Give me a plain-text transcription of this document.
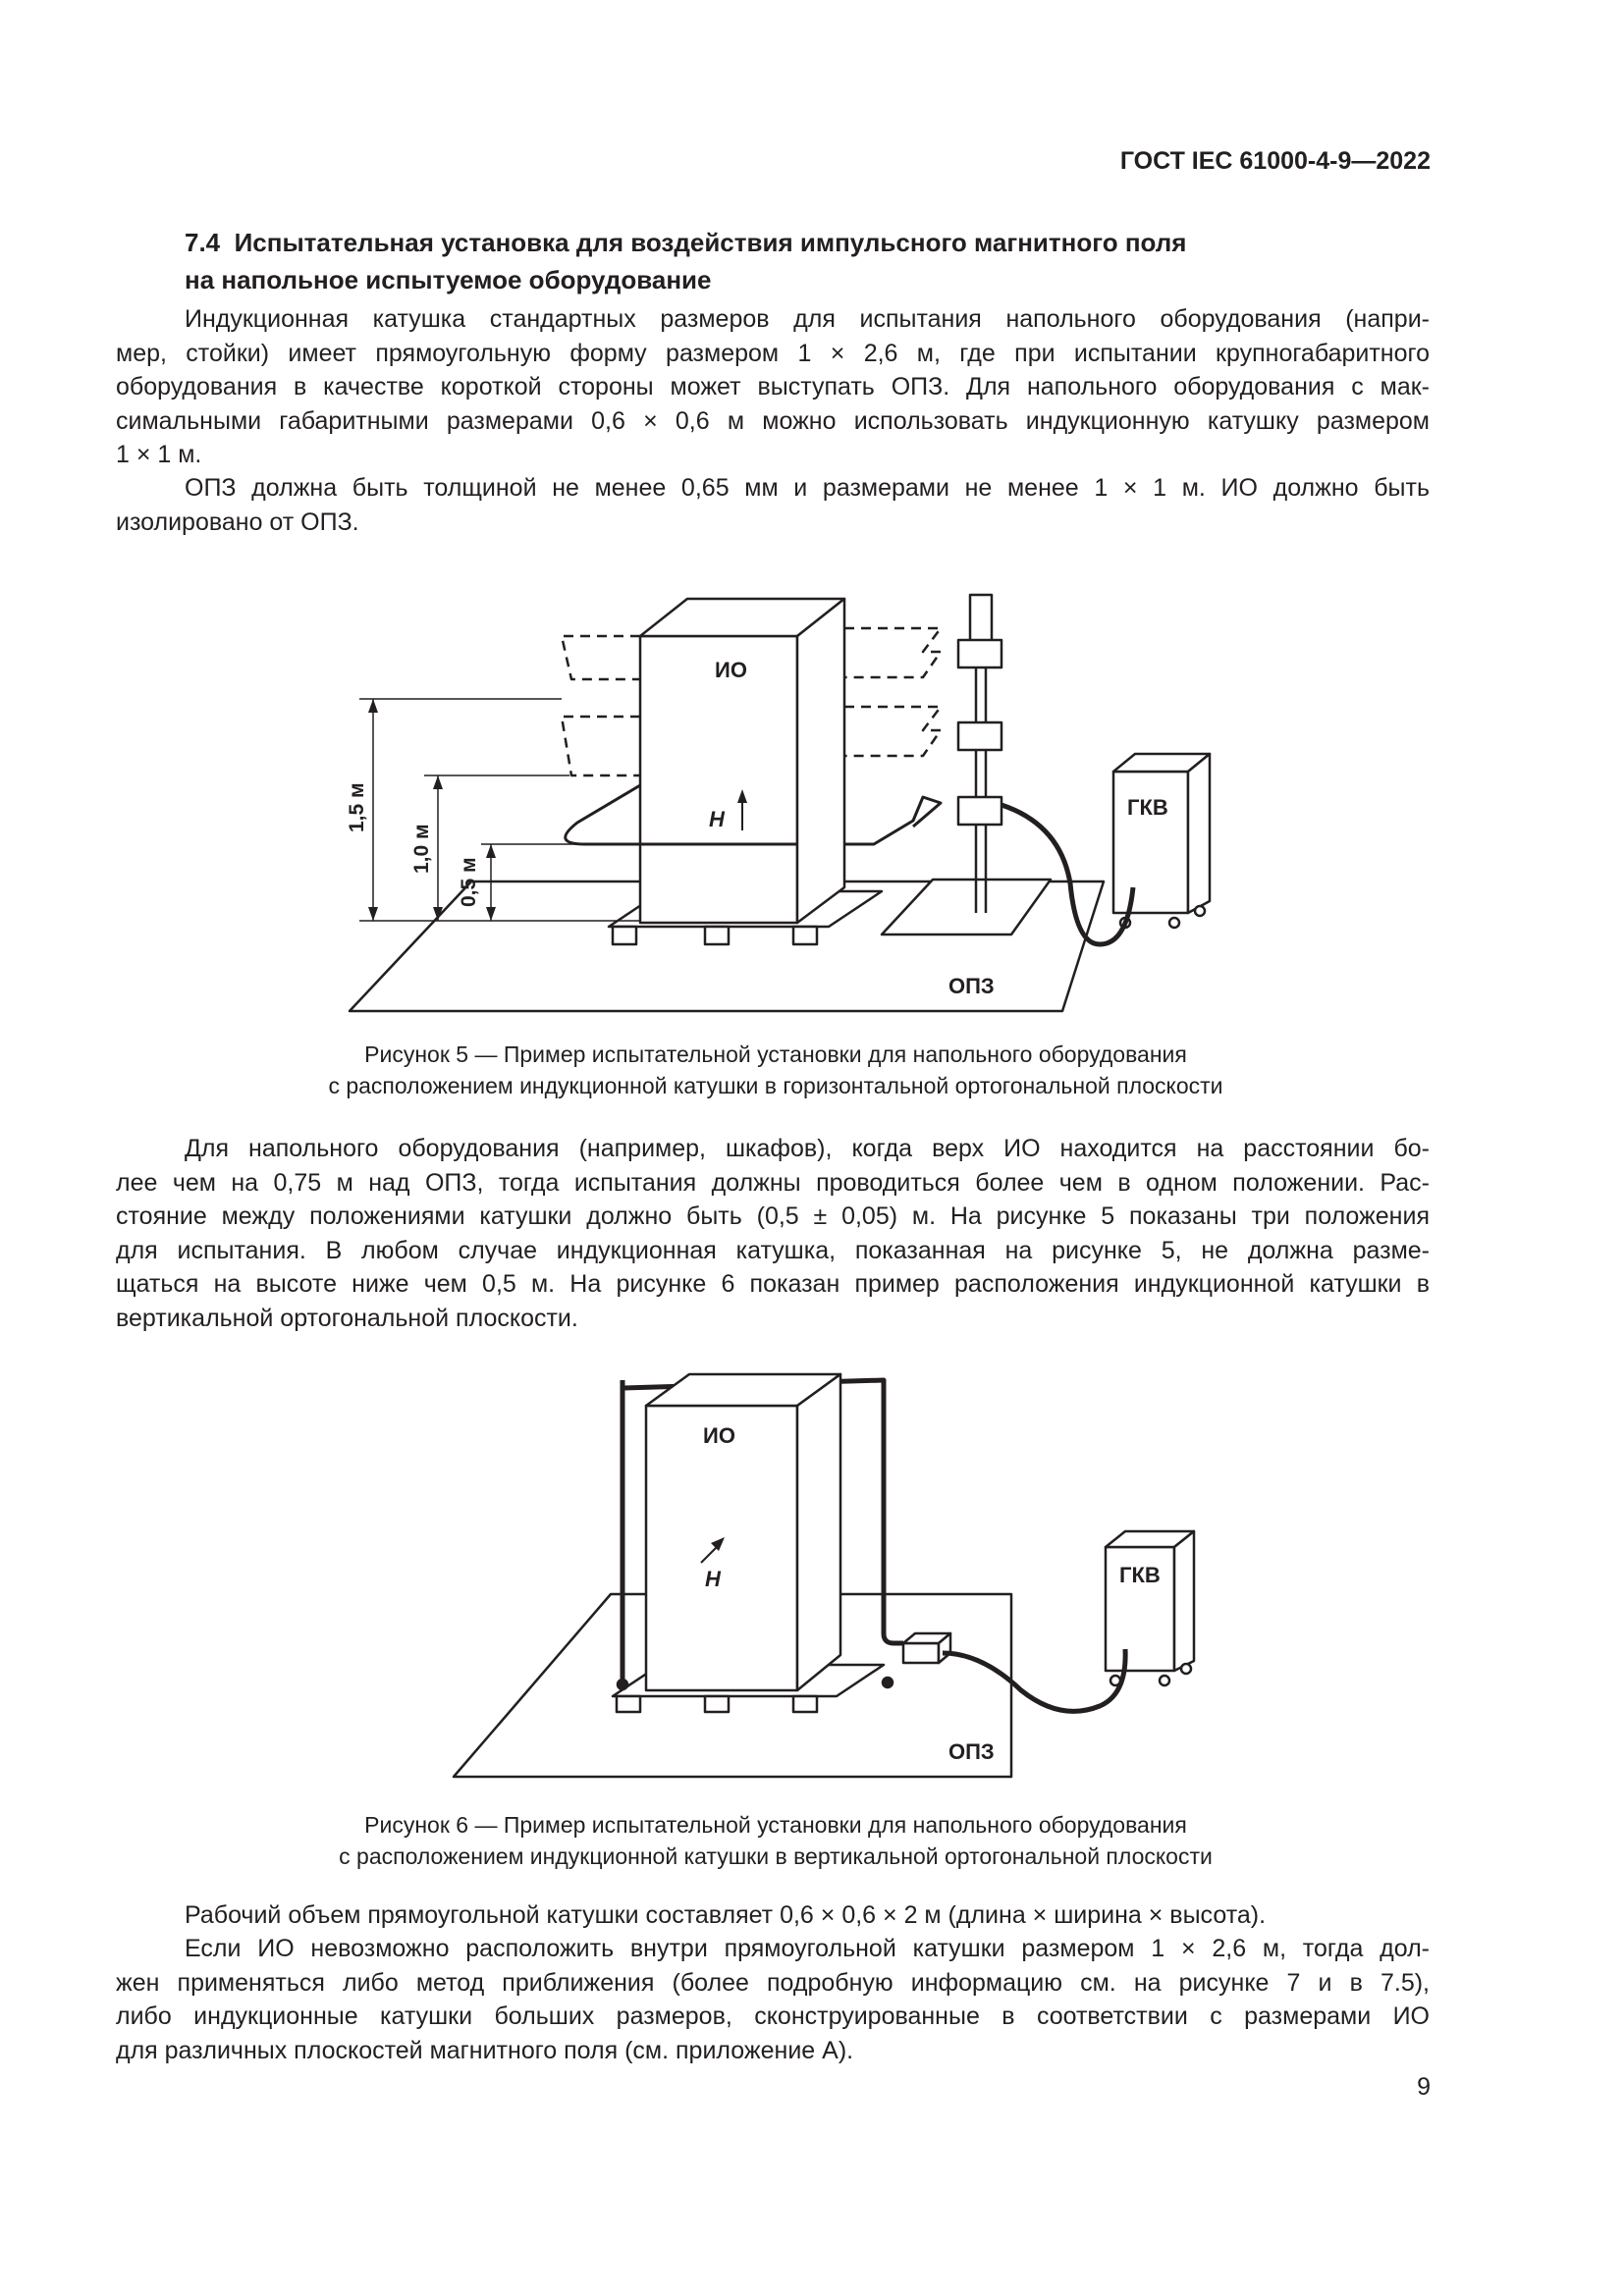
ГОСТ IEC 61000-4-9—2022
7.4 Испытательная установка для воздействия импульсного магнитного поля
на напольное испытуемое оборудование
Индукционная катушка стандартных размеров для испытания напольного оборудования (напри-
мер, стойки) имеет прямоугольную форму размером 1 × 2,6 м, где при испытании крупногабаритного
оборудования в качестве короткой стороны может выступать ОПЗ. Для напольного оборудования с мак-
симальными габаритными размерами 0,6 × 0,6 м можно использовать индукционную катушку размером
1 × 1 м.
ОПЗ должна быть толщиной не менее 0,65 мм и размерами не менее 1 × 1 м. ИО должно быть
изолировано от ОПЗ.
ИО
H	ГКВ
ОПЗ
1,5 м
1,0 м
0,5 м
Рисунок 5 — Пример испытательной установки для напольного оборудования
с расположением индукционной катушки в горизонтальной ортогональной плоскости
Для напольного оборудования (например, шкафов), когда верх ИО находится на расстоянии бо-
лее чем на 0,75 м над ОПЗ, тогда испытания должны проводиться более чем в одном положении. Рас-
стояние между положениями катушки должно быть (0,5 ± 0,05) м. На рисунке 5 показаны три положения
для испытания. В любом случае индукционная катушка, показанная на рисунке 5, не должна разме-
щаться на высоте ниже чем 0,5 м. На рисунке 6 показан пример расположения индукционной катушки в
вертикальной ортогональной плоскости.
ИО
H	ГКВ
ОПЗ
Рисунок 6 — Пример испытательной установки для напольного оборудования
с расположением индукционной катушки в вертикальной ортогональной плоскости
Рабочий объем прямоугольной катушки составляет 0,6 × 0,6 × 2 м (длина × ширина × высота).
Если ИО невозможно расположить внутри прямоугольной катушки размером 1 × 2,6 м, тогда дол-
жен применяться либо метод приближения (более подробную информацию см. на рисунке 7 и в 7.5),
либо индукционные катушки больших размеров, сконструированные в соответствии с размерами ИО
для различных плоскостей магнитного поля (см. приложение А).
9
